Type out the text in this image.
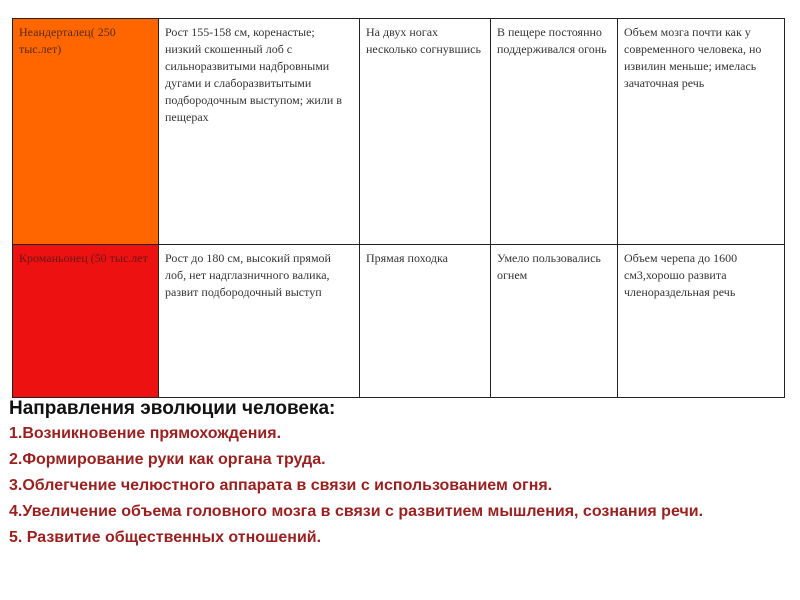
Неандерталец( 250 тыс.лет)	Рост 155-158 см, коренастые; низкий скошенный лоб с сильноразвитыми надбровными дугами и слаборазвитытыми подбородочным выступом; жили в пещерах	На двух ногах несколько согнувшись	В пещере постоянно поддерживался огонь	Объем мозга почти как у современного человека, но извилин меньше; имелась зачаточная речь
Кроманьонец (50 тыс.лет	Рост до 180 см, высокий прямой лоб, нет надглазничного валика, развит подбородочный выступ	Прямая походка	Умело пользовались огнем	Объем черепа до 1600 см3,хорошо развита членораздельная речь
Направления эволюции человека:
1.Возникновение прямохождения.
2.Формирование руки как органа труда.
3.Облегчение челюстного аппарата в связи с использованием огня.
4.Увеличение объема головного мозга в связи с развитием мышления, сознания речи.
5. Развитие общественных отношений.
